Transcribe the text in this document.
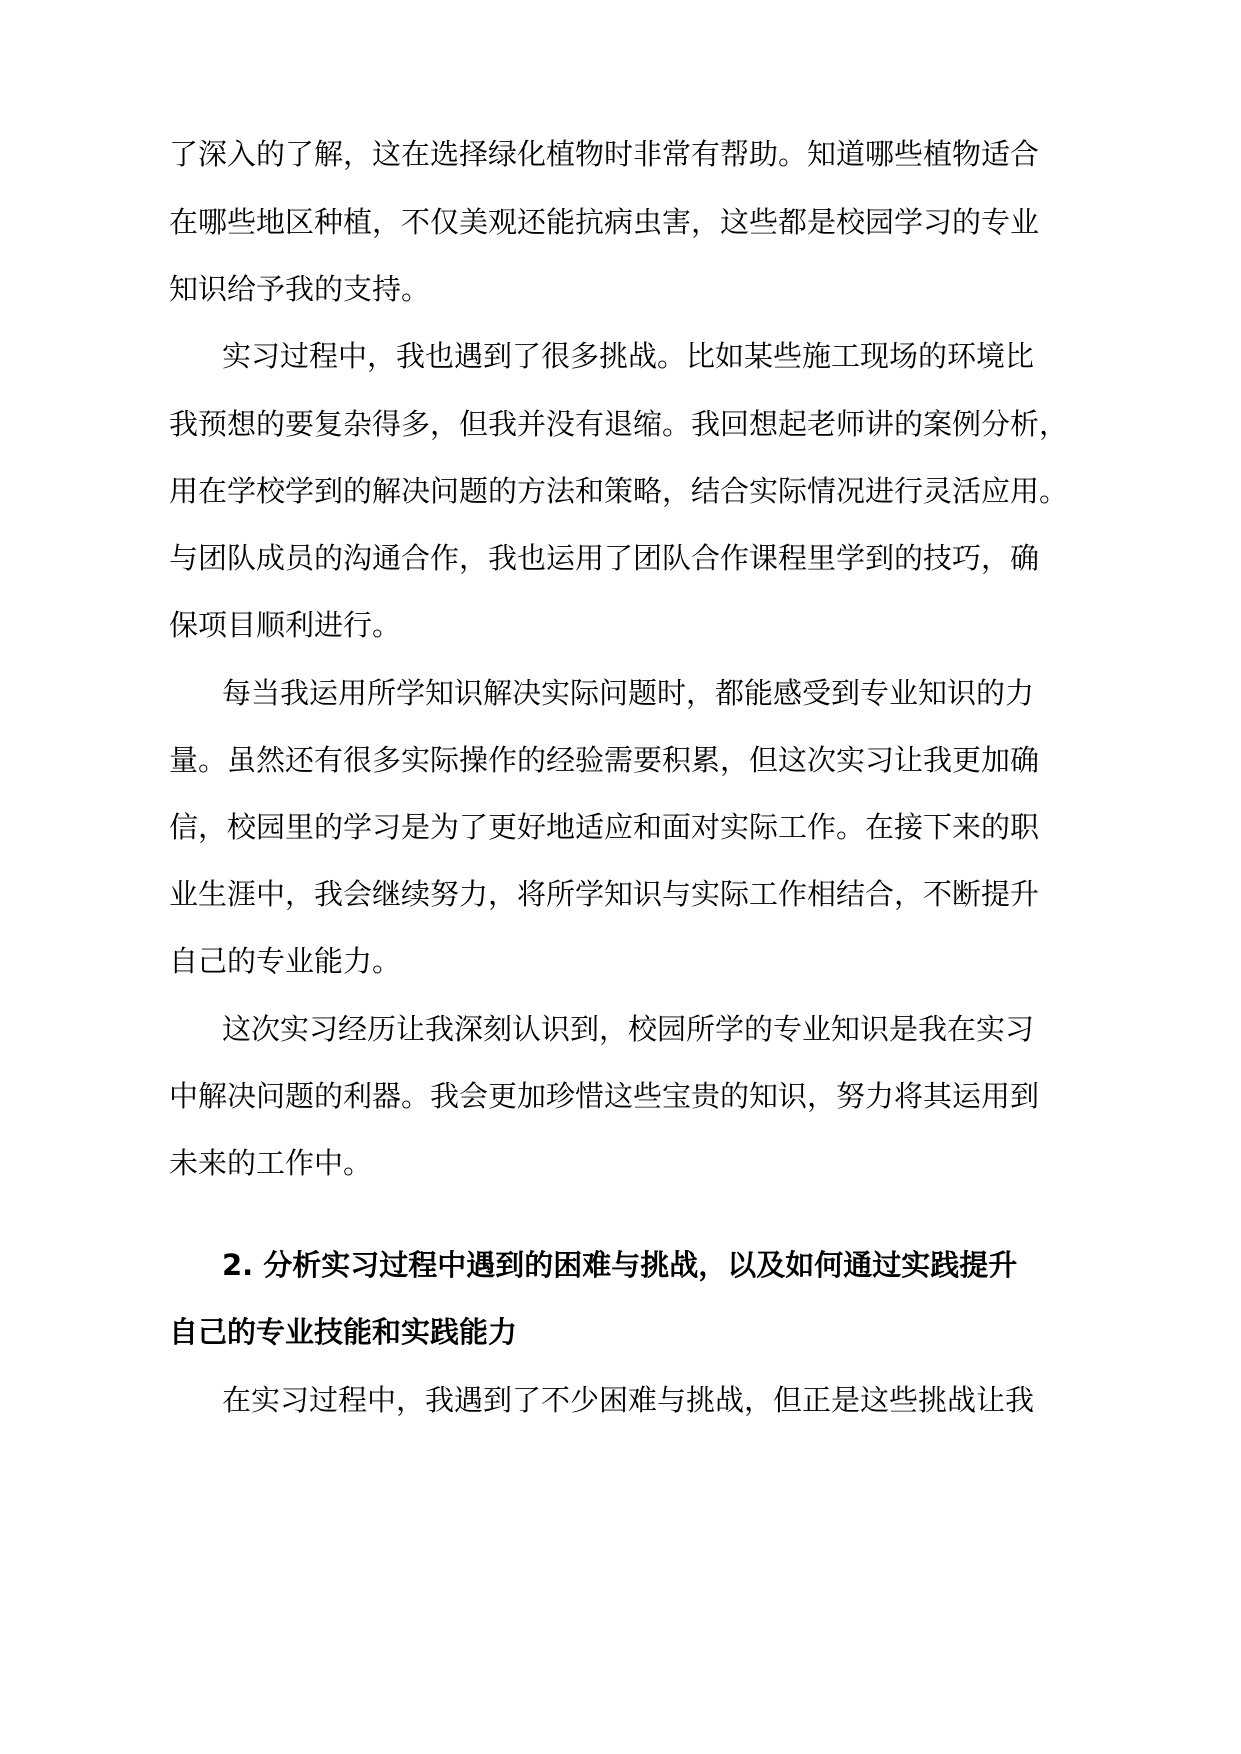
了深入的了解，这在选择绿化植物时非常有帮助。知道哪些植物适合
在哪些地区种植，不仅美观还能抗病虫害，这些都是校园学习的专业
知识给予我的支持。
实习过程中，我也遇到了很多挑战。比如某些施工现场的环境比
我预想的要复杂得多，但我并没有退缩。我回想起老师讲的案例分析，
用在学校学到的解决问题的方法和策略，结合实际情况进行灵活应用。
与团队成员的沟通合作，我也运用了团队合作课程里学到的技巧，确
保项目顺利进行。
每当我运用所学知识解决实际问题时，都能感受到专业知识的力
量。虽然还有很多实际操作的经验需要积累，但这次实习让我更加确
信，校园里的学习是为了更好地适应和面对实际工作。在接下来的职
业生涯中，我会继续努力，将所学知识与实际工作相结合，不断提升
自己的专业能力。
这次实习经历让我深刻认识到，校园所学的专业知识是我在实习
中解决问题的利器。我会更加珍惜这些宝贵的知识，努力将其运用到
未来的工作中。
2. 分析实习过程中遇到的困难与挑战，以及如何通过实践提升
自己的专业技能和实践能力
在实习过程中，我遇到了不少困难与挑战，但正是这些挑战让我
